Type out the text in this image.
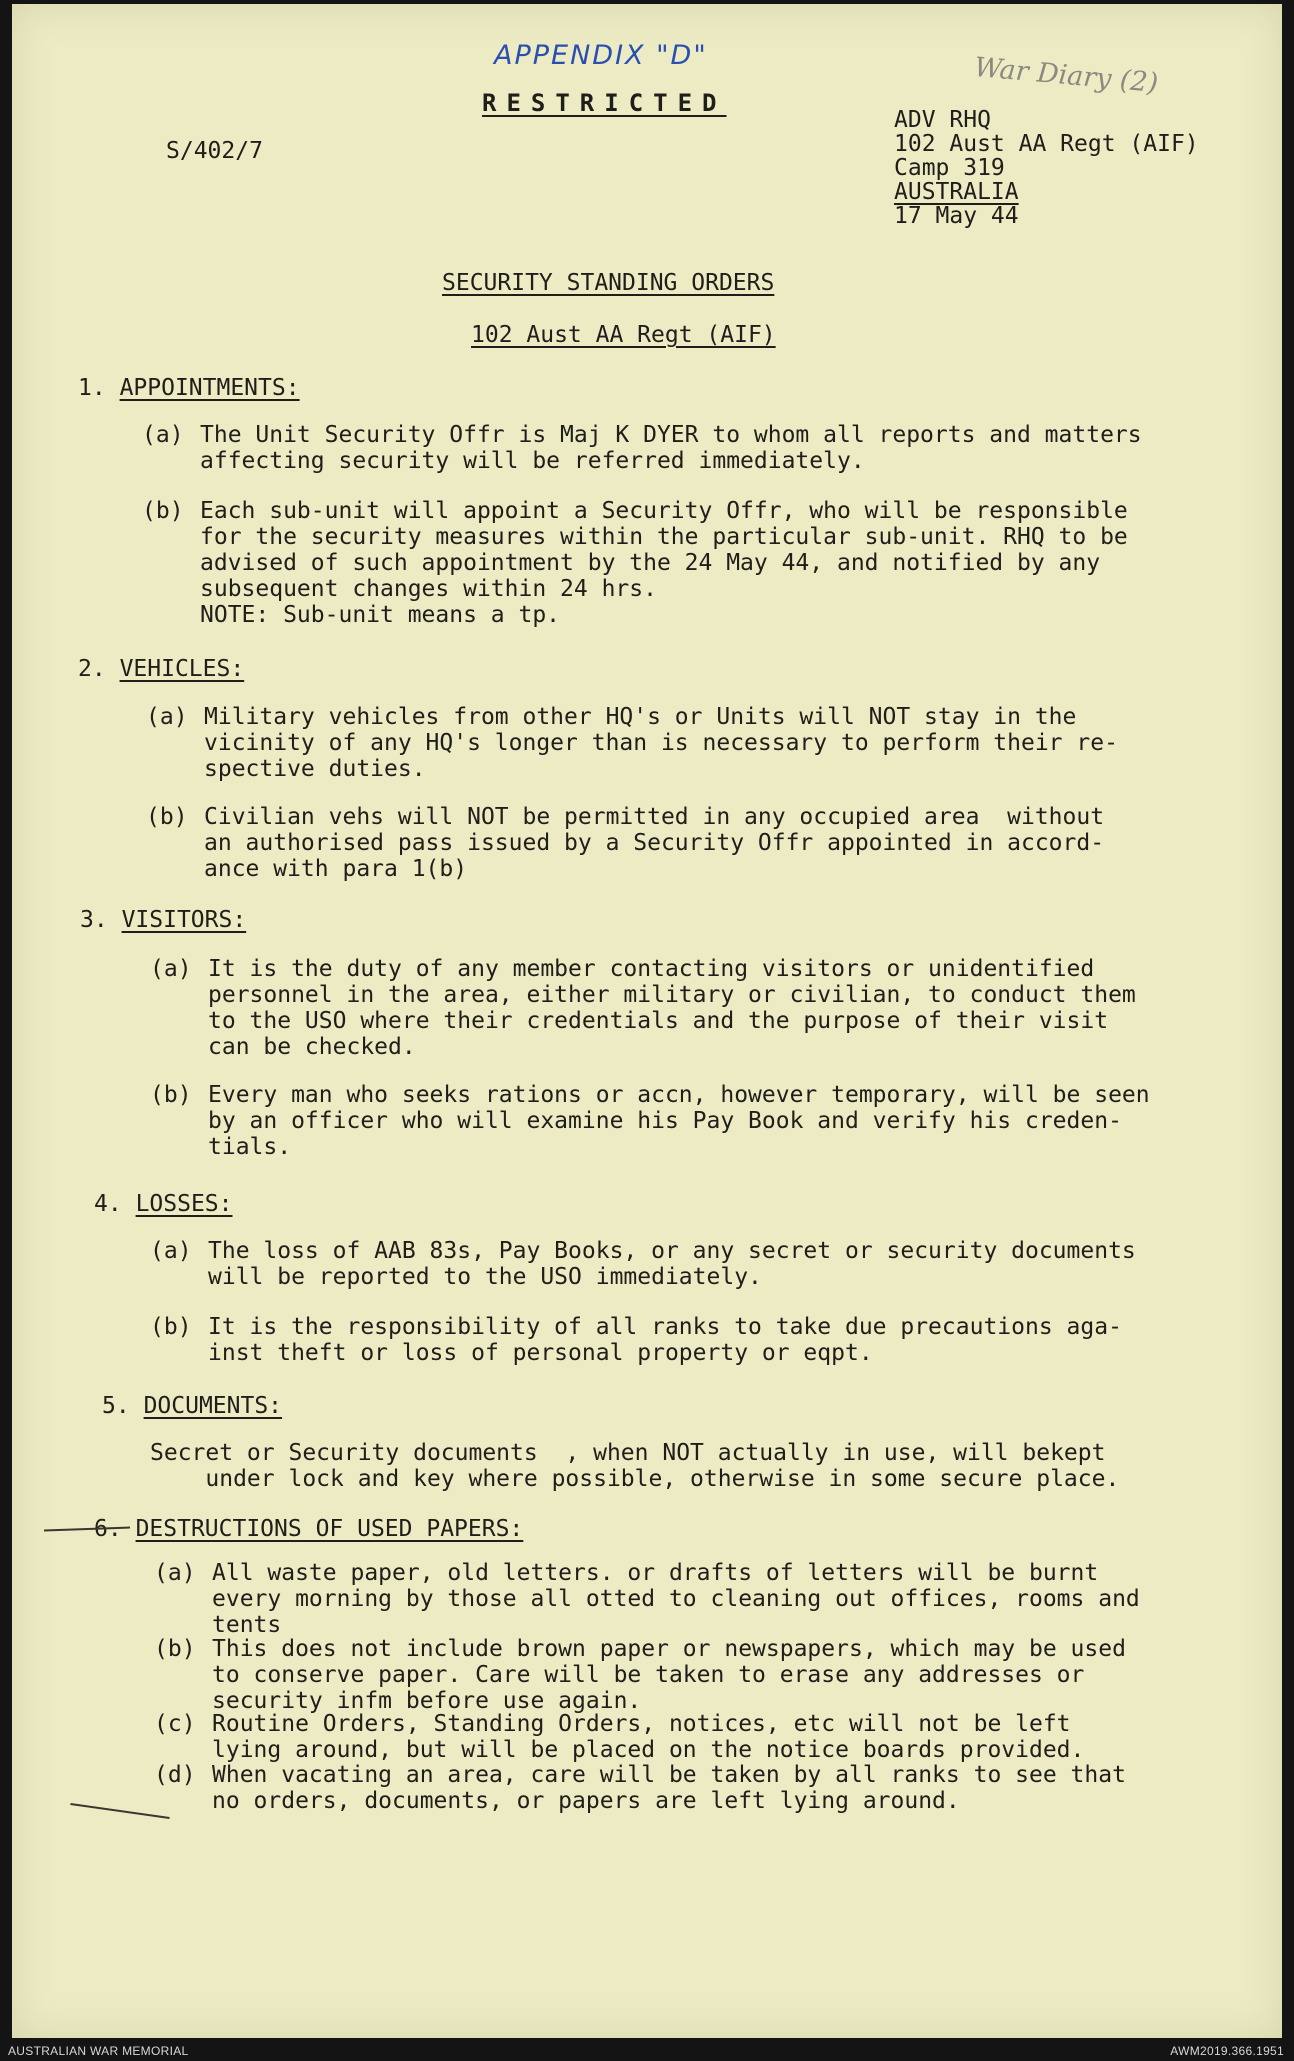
APPENDIX "D"	War Diary (2)
RESTRICTED
S/402/7
ADV RHQ
102 Aust AA Regt (AIF)
Camp 319
AUSTRALIA
17 May 44
SECURITY STANDING ORDERS
102 Aust AA Regt (AIF)
1. APPOINTMENTS:
(a) The Unit Security Offr is Maj K DYER to whom all reports and matters
affecting security will be referred immediately.
(b) Each sub-unit will appoint a Security Offr, who will be responsible
for the security measures within the particular sub-unit. RHQ to be
advised of such appointment by the 24 May 44, and notified by any
subsequent changes within 24 hrs.
NOTE: Sub-unit means a tp.
2. VEHICLES:
(a) Military vehicles from other HQ's or Units will NOT stay in the
vicinity of any HQ's longer than is necessary to perform their re-
spective duties.
(b) Civilian vehs will NOT be permitted in any occupied area  without
an authorised pass issued by a Security Offr appointed in accord-
ance with para 1(b)
3. VISITORS:
(a) It is the duty of any member contacting visitors or unidentified
personnel in the area, either military or civilian, to conduct them
to the USO where their credentials and the purpose of their visit
can be checked.
(b) Every man who seeks rations or accn, however temporary, will be seen
by an officer who will examine his Pay Book and verify his creden-
tials.
4. LOSSES:
(a) The loss of AAB 83s, Pay Books, or any secret or security documents
will be reported to the USO immediately.
(b) It is the responsibility of all ranks to take due precautions aga-
inst theft or loss of personal property or eqpt.
5. DOCUMENTS:
Secret or Security documents  , when NOT actually in use, will bekept
under lock and key where possible, otherwise in some secure place.
6. DESTRUCTIONS OF USED PAPERS:
(a) All waste paper, old letters. or drafts of letters will be burnt
every morning by those all otted to cleaning out offices, rooms and
tents
(b) This does not include brown paper or newspapers, which may be used
to conserve paper. Care will be taken to erase any addresses or
security infm before use again.
(c) Routine Orders, Standing Orders, notices, etc will not be left
lying around, but will be placed on the notice boards provided.
(d) When vacating an area, care will be taken by all ranks to see that
no orders, documents, or papers are left lying around.
AUSTRALIAN WAR MEMORIAL	AWM2019.366.1951
